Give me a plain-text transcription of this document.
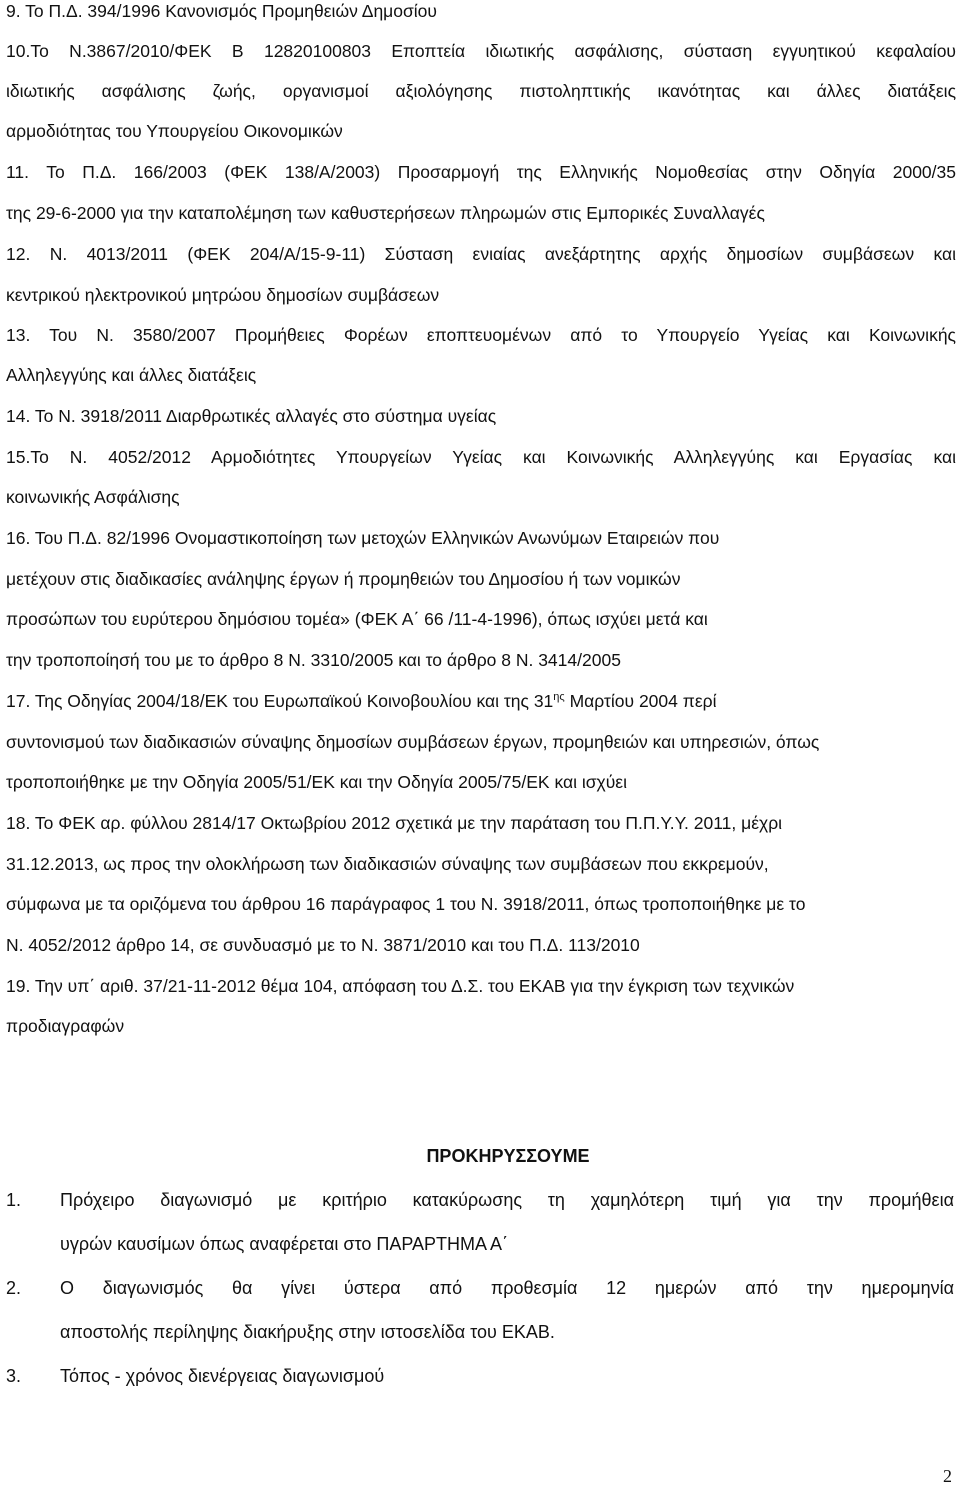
9. Το Π.Δ. 394/1996 Κανονισμός Προμηθειών Δημοσίου
10.Το Ν.3867/2010/ΦΕΚ Β 12820100803 Εποπτεία ιδιωτικής ασφάλισης, σύσταση εγγυητικού κεφαλαίου
ιδιωτικής ασφάλισης ζωής, οργανισμοί αξιολόγησης πιστοληπτικής ικανότητας και άλλες διατάξεις
αρμοδιότητας του Υπουργείου Οικονομικών
11. Το Π.Δ. 166/2003 (ΦΕΚ 138/Α/2003) Προσαρμογή της Ελληνικής Νομοθεσίας στην Οδηγία 2000/35
της 29-6-2000 για την καταπολέμηση των καθυστερήσεων πληρωμών στις Εμπορικές Συναλλαγές
12. Ν. 4013/2011 (ΦΕΚ 204/Α/15-9-11) Σύσταση ενιαίας ανεξάρτητης αρχής δημοσίων συμβάσεων και
κεντρικού ηλεκτρονικού μητρώου δημοσίων συμβάσεων
13. Του Ν. 3580/2007 Προμήθειες Φορέων εποπτευομένων από το Υπουργείο Υγείας και Κοινωνικής
Αλληλεγγύης και άλλες διατάξεις
14. Το Ν. 3918/2011 Διαρθρωτικές αλλαγές στο σύστημα υγείας
15.Το Ν. 4052/2012 Αρμοδιότητες Υπουργείων Υγείας και Κοινωνικής Αλληλεγγύης και Εργασίας και
κοινωνικής Ασφάλισης
16. Του Π.Δ. 82/1996 Ονομαστικοποίηση των μετοχών Ελληνικών Ανωνύμων Εταιρειών που
μετέχουν στις διαδικασίες ανάληψης έργων ή προμηθειών του Δημοσίου ή των νομικών
προσώπων του ευρύτερου δημόσιου τομέα» (ΦΕΚ Α΄ 66 /11-4-1996), όπως ισχύει μετά και
την τροποποίησή του με το άρθρο 8 Ν. 3310/2005 και το άρθρο 8 Ν. 3414/2005
17. Της Οδηγίας 2004/18/ΕΚ του Ευρωπαϊκού Κοινοβουλίου και της $31^{\eta\varsigma}$ Μαρτίου 2004 περί
συντονισμού των διαδικασιών σύναψης δημοσίων συμβάσεων έργων, προμηθειών και υπηρεσιών, όπως
τροποποιήθηκε με την Οδηγία 2005/51/ΕΚ και την Οδηγία 2005/75/ΕΚ και ισχύει
18. Το ΦΕΚ αρ. φύλλου 2814/17 Οκτωβρίου 2012 σχετικά με την παράταση του Π.Π.Υ.Υ. 2011, μέχρι
31.12.2013, ως προς την ολοκλήρωση των διαδικασιών σύναψης των συμβάσεων που εκκρεμούν,
σύμφωνα με τα οριζόμενα του άρθρου 16 παράγραφος 1 του Ν. 3918/2011, όπως τροποποιήθηκε με το
Ν. 4052/2012 άρθρο 14, σε συνδυασμό με το Ν. 3871/2010 και του Π.Δ. 113/2010
19. Την υπ΄ αριθ. 37/21-11-2012 θέμα 104, απόφαση του Δ.Σ. του ΕΚΑΒ για την έγκριση των τεχνικών
προδιαγραφών
ΠΡΟΚΗΡΥΣΣΟΥΜΕ
1.	Πρόχειρο διαγωνισμό με κριτήριο κατακύρωσης τη χαμηλότερη τιμή για την προμήθεια
υγρών καυσίμων όπως αναφέρεται στο ΠΑΡΑΡΤΗΜΑ Α΄
2.	Ο διαγωνισμός θα γίνει ύστερα από προθεσμία 12 ημερών από την ημερομηνία
αποστολής περίληψης διακήρυξης στην ιστοσελίδα του ΕΚΑΒ.
3.	Τόπος - χρόνος διενέργειας διαγωνισμού
2
